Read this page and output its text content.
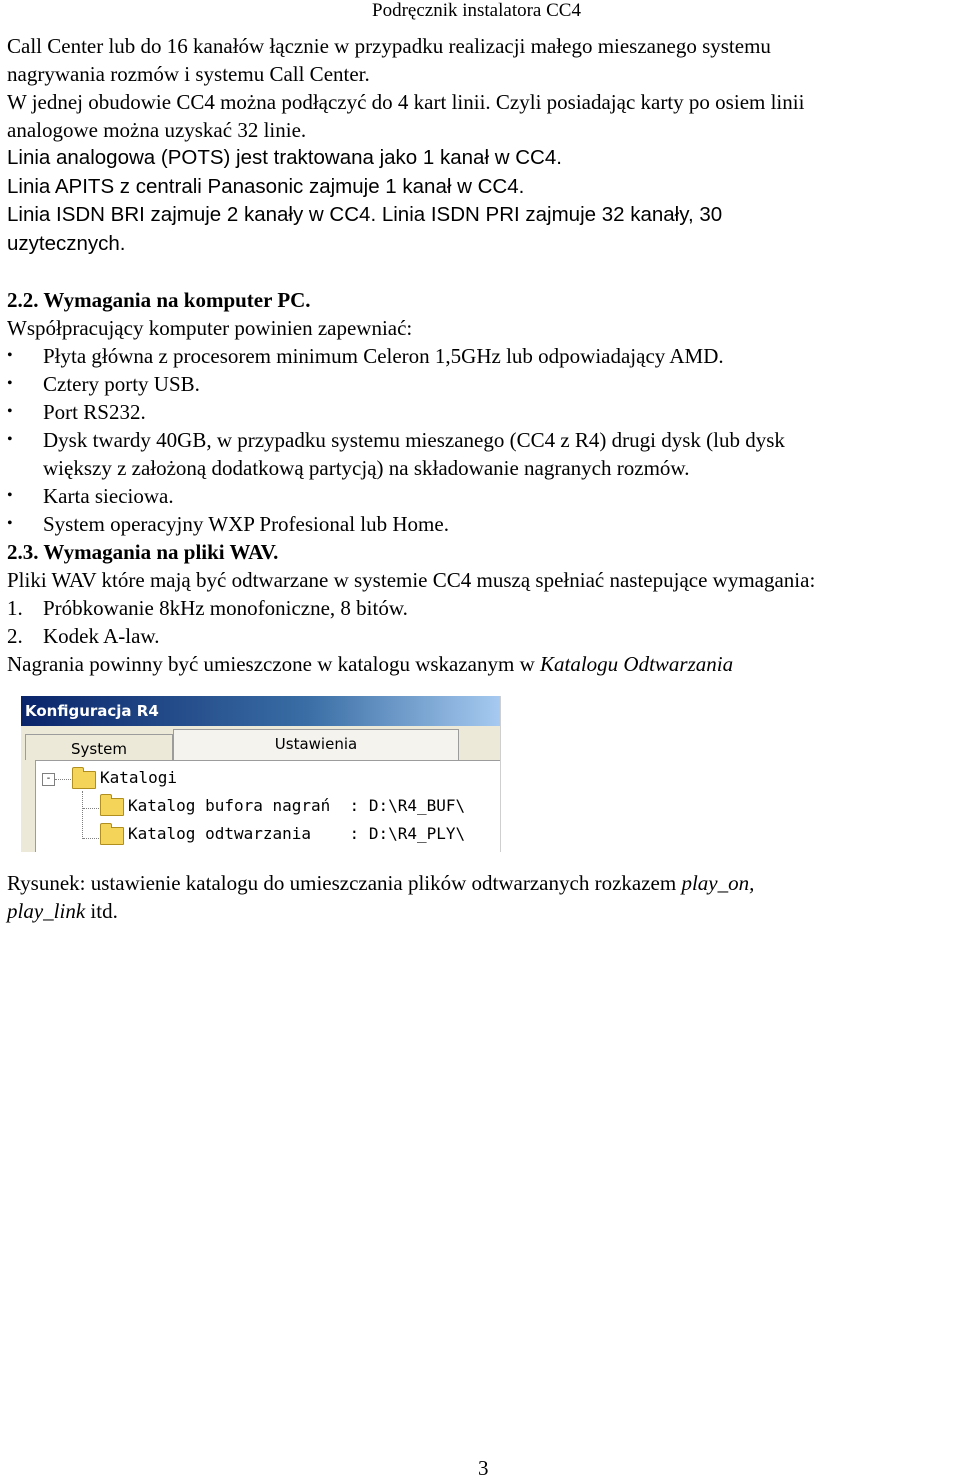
Podręcznik instalatora CC4

Call Center lub do 16 kanałów łącznie w przypadku realizacji małego mieszanego systemu

nagrywania rozmów i systemu Call Center.

W jednej obudowie CC4 można podłączyć do 4 kart linii. Czyli posiadając karty po osiem linii

analogowe można uzyskać 32 linie.

Linia analogowa (POTS) jest traktowana jako 1 kanał w CC4.

Linia APITS z centrali Panasonic zajmuje 1 kanał w CC4.

Linia ISDN BRI zajmuje 2 kanały w CC4. Linia ISDN PRI zajmuje 32 kanały, 30

uzytecznych.

2.2. Wymagania na komputer PC.

Współpracujący komputer powinien zapewniać:

• Płyta główna z procesorem minimum Celeron 1,5GHz lub odpowiadający AMD.
• Cztery porty USB.
• Port RS232.
• Dysk twardy 40GB, w przypadku systemu mieszanego (CC4 z R4) drugi dysk (lub dysk
większy z założoną dodatkową partycją) na składowanie nagranych rozmów.
• Karta sieciowa.
• System operacyjny WXP Profesional lub Home.

2.3. Wymagania na pliki WAV.

Pliki WAV które mają być odtwarzane w systemie CC4 muszą spełniać nastepujące wymagania:

1. Próbkowanie 8kHz monofoniczne, 8 bitów.
2. Kodek A-law.

Nagrania powinny być umieszczone w katalogu wskazanym w Katalogu Odtwarzania

Konfiguracja R4
System	Ustawienia
-	Katalogi
Katalog bufora nagrań  : D:\R4_BUF\
Katalog odtwarzania    : D:\R4_PLY\

Rysunek: ustawienie katalogu do umieszczania plików odtwarzanych rozkazem play_on,

play_link itd.

3
